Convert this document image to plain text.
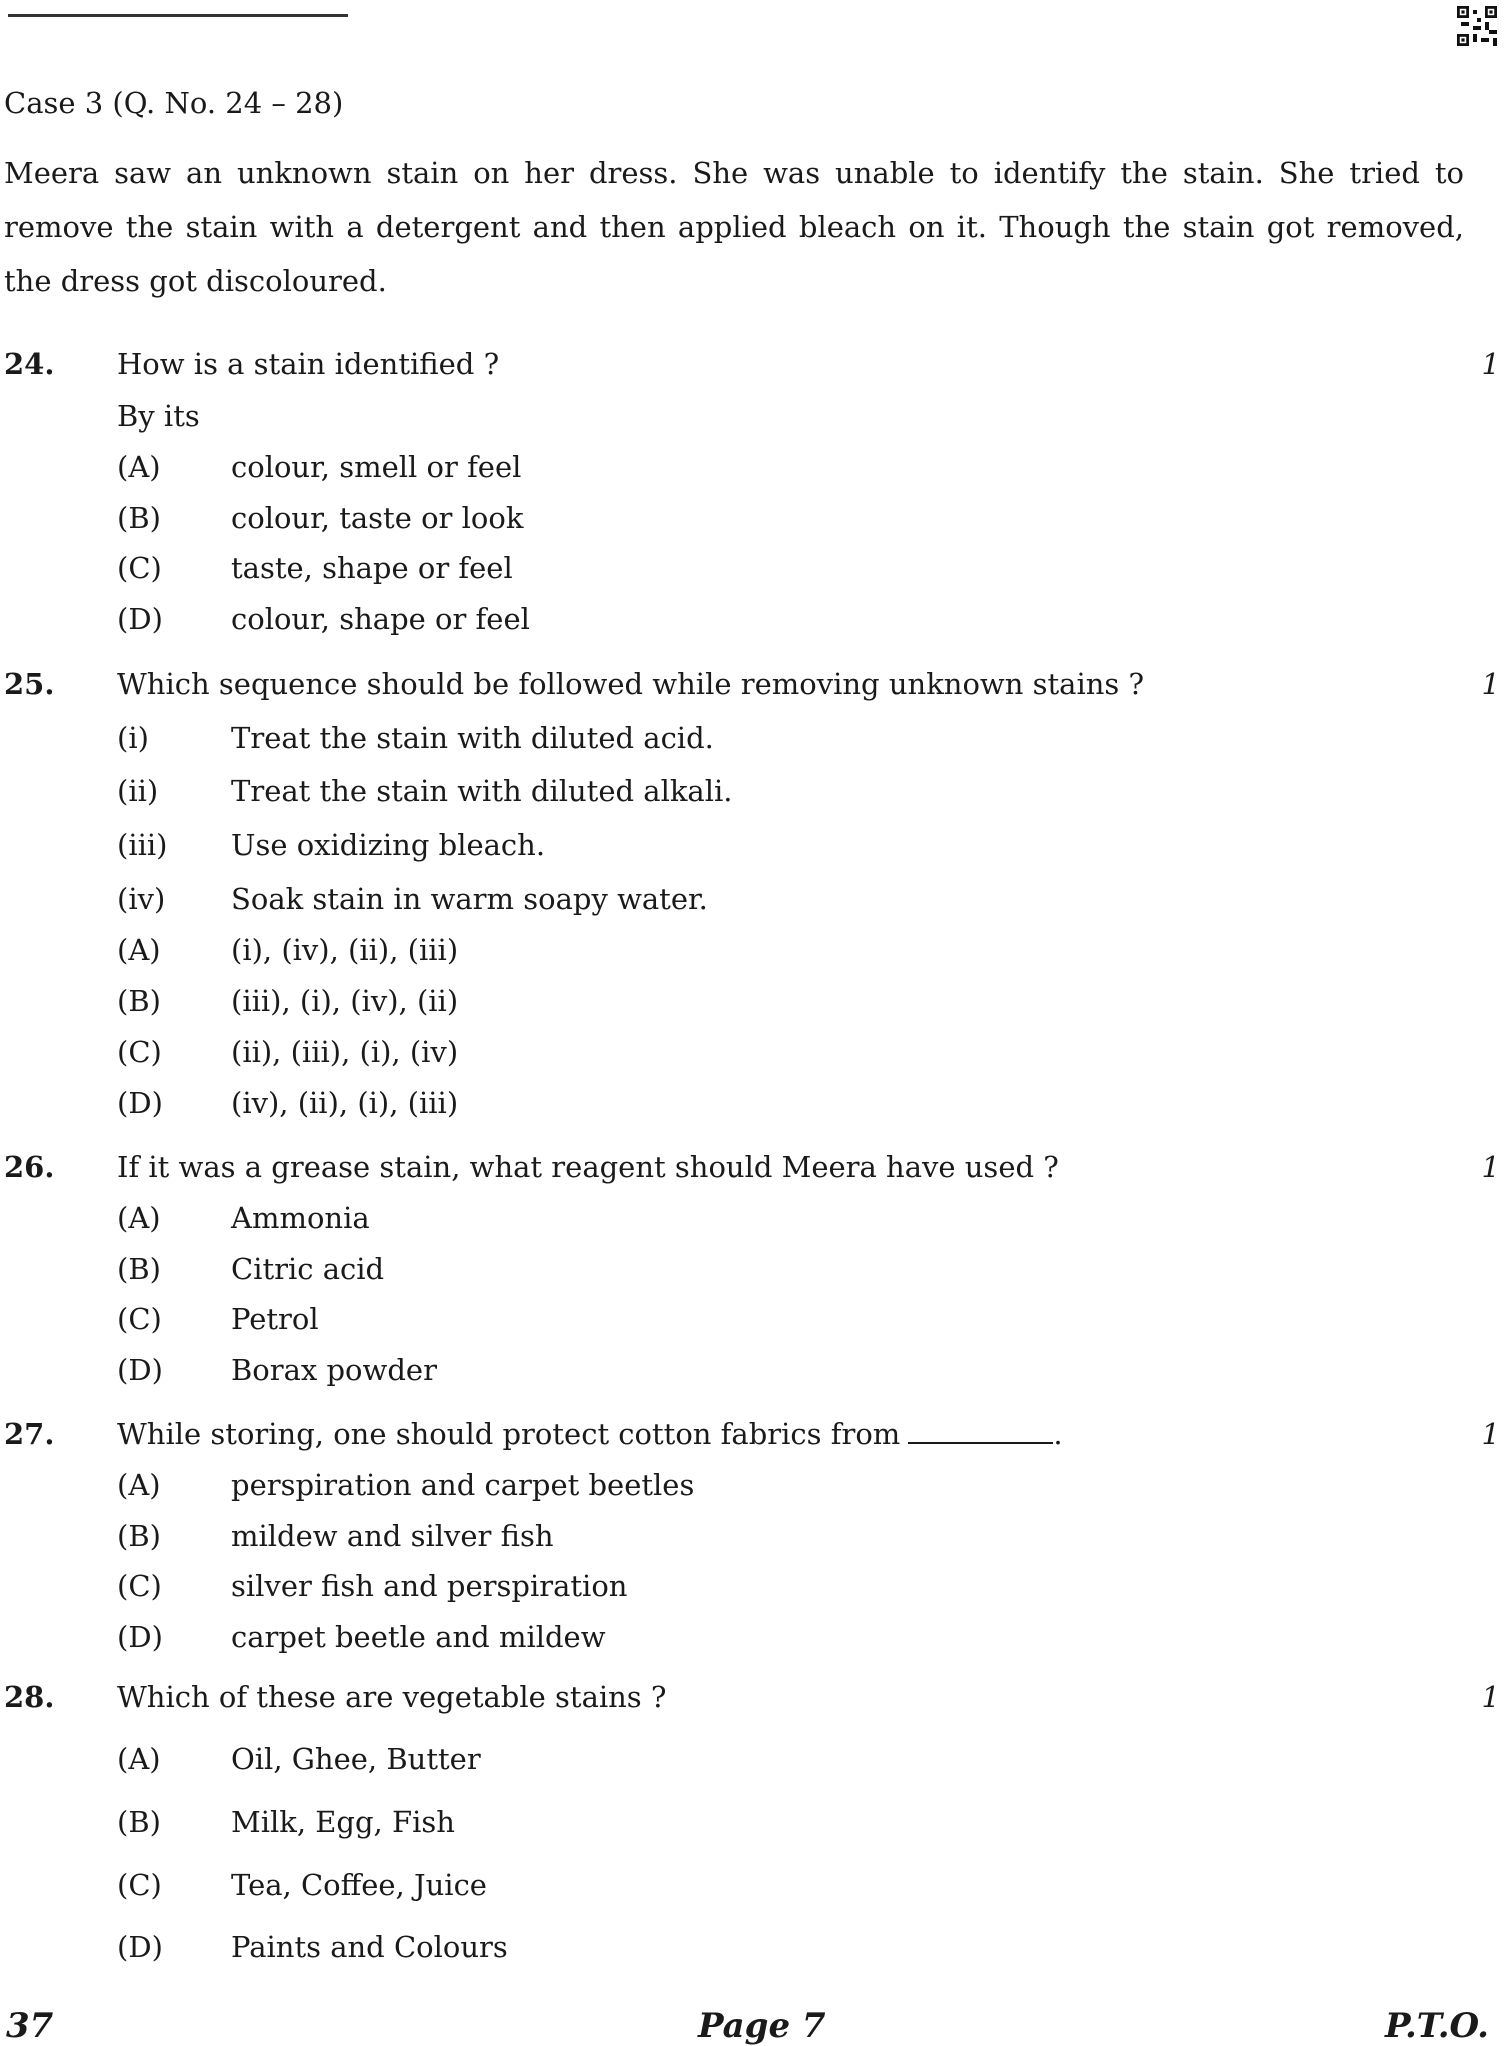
Case 3 (Q. No. 24 – 28)
Meera saw an unknown stain on her dress. She was unable to identify the stain. She tried to remove the stain with a detergent and then applied bleach on it. Though the stain got removed, the dress got discoloured.
24. How is a stain identified ?	1
By its
(A) colour, smell or feel
(B) colour, taste or look
(C) taste, shape or feel
(D) colour, shape or feel
25. Which sequence should be followed while removing unknown stains ?	1
(i)	Treat the stain with diluted acid.
(ii)	Treat the stain with diluted alkali.
(iii) Use oxidizing bleach.
(iv) Soak stain in warm soapy water.
(A) (i), (iv), (ii), (iii)
(B) (iii), (i), (iv), (ii)
(C) (ii), (iii), (i), (iv)
(D) (iv), (ii), (i), (iii)
26. If it was a grease stain, what reagent should Meera have used ?	1
(A) Ammonia
(B) Citric acid
(C) Petrol
(D) Borax powder
27. While storing, one should protect cotton fabrics from	.	1
(A) perspiration and carpet beetles
(B) mildew and silver fish
(C) silver fish and perspiration
(D) carpet beetle and mildew
28. Which of these are vegetable stains ?	1
(A) Oil, Ghee, Butter
(B) Milk, Egg, Fish
(C) Tea, Coffee, Juice
(D) Paints and Colours
37	Page 7	P.T.O.
